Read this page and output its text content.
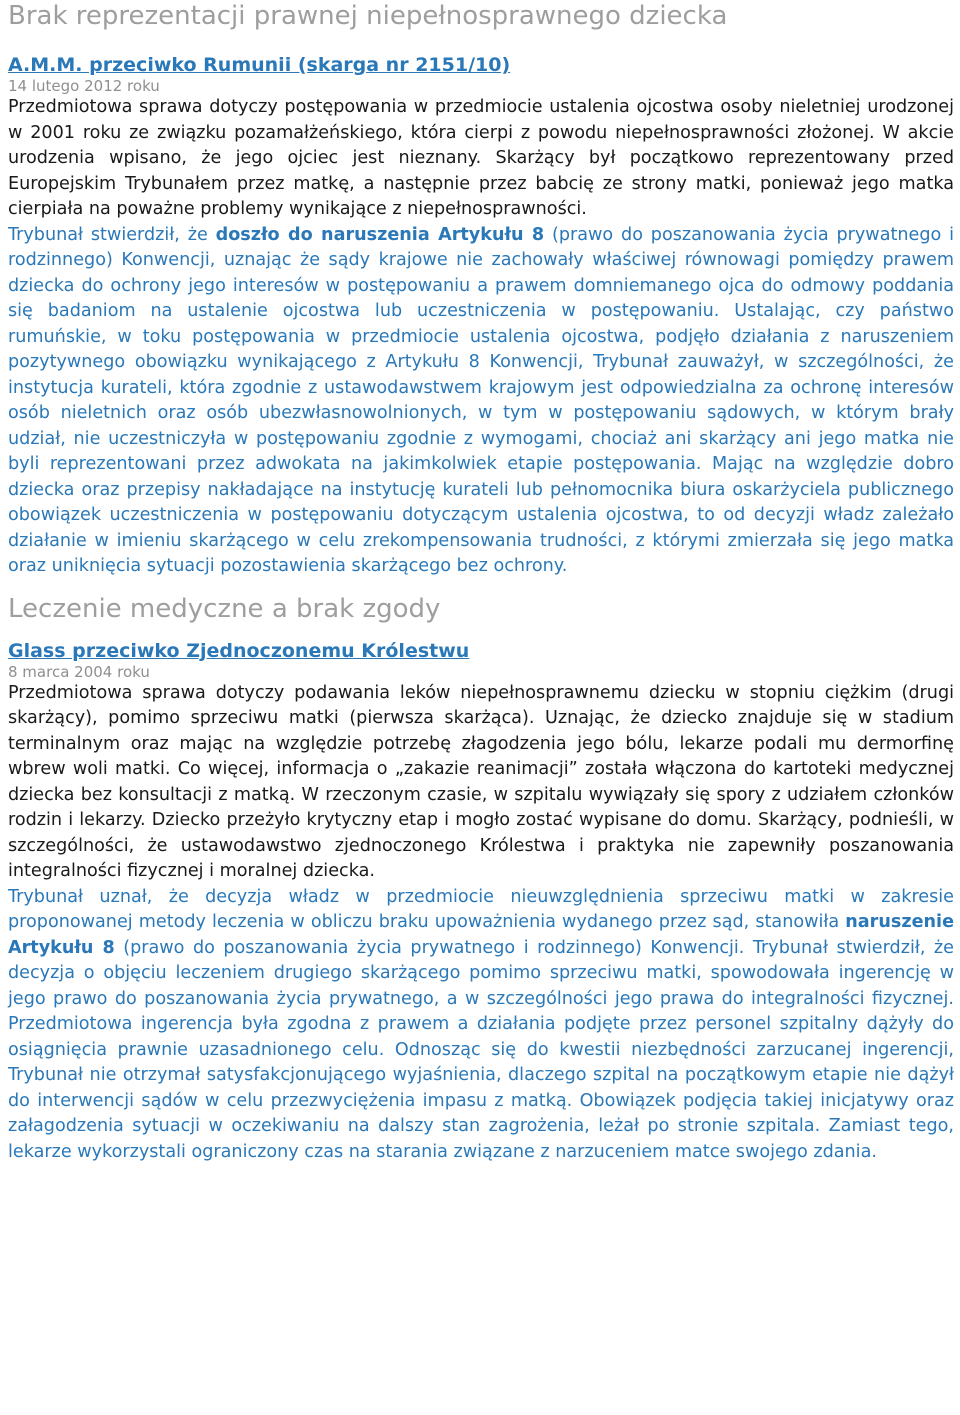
Brak reprezentacji prawnej niepełnosprawnego dziecka
A.M.M. przeciwko Rumunii (skarga nr 2151/10)
14 lutego 2012 roku

Przedmiotowa sprawa dotyczy postępowania w przedmiocie ustalenia ojcostwa osoby nieletniej urodzonej w 2001 roku ze związku pozamałżeńskiego, która cierpi z powodu niepełnosprawności złożonej. W akcie urodzenia wpisano, że jego ojciec jest nieznany. Skarżący był początkowo reprezentowany przed Europejskim Trybunałem przez matkę, a następnie przez babcię ze strony matki, ponieważ jego matka cierpiała na poważne problemy wynikające z niepełnosprawności.

Trybunał stwierdził, że doszło do naruszenia Artykułu 8 (prawo do poszanowania życia prywatnego i rodzinnego) Konwencji, uznając że sądy krajowe nie zachowały właściwej równowagi pomiędzy prawem dziecka do ochrony jego interesów w postępowaniu a prawem domniemanego ojca do odmowy poddania się badaniom na ustalenie ojcostwa lub uczestniczenia w postępowaniu. Ustalając, czy państwo rumuńskie, w toku postępowania w przedmiocie ustalenia ojcostwa, podjęło działania z naruszeniem pozytywnego obowiązku wynikającego z Artykułu 8 Konwencji, Trybunał zauważył, w szczególności, że instytucja kurateli, która zgodnie z ustawodawstwem krajowym jest odpowiedzialna za ochronę interesów osób nieletnich oraz osób ubezwłasnowolnionych, w tym w postępowaniu sądowych, w którym brały udział, nie uczestniczyła w postępowaniu zgodnie z wymogami, chociaż ani skarżący ani jego matka nie byli reprezentowani przez adwokata na jakimkolwiek etapie postępowania. Mając na względzie dobro dziecka oraz przepisy nakładające na instytucję kurateli lub pełnomocnika biura oskarżyciela publicznego obowiązek uczestniczenia w postępowaniu dotyczącym ustalenia ojcostwa, to od decyzji władz zależało działanie w imieniu skarżącego w celu zrekompensowania trudności, z którymi zmierzała się jego matka oraz uniknięcia sytuacji pozostawienia skarżącego bez ochrony.

Leczenie medyczne a brak zgody
Glass przeciwko Zjednoczonemu Królestwu
8 marca 2004 roku

Przedmiotowa sprawa dotyczy podawania leków niepełnosprawnemu dziecku w stopniu ciężkim (drugi skarżący), pomimo sprzeciwu matki (pierwsza skarżąca). Uznając, że dziecko znajduje się w stadium terminalnym oraz mając na względzie potrzebę złagodzenia jego bólu, lekarze podali mu dermorfinę wbrew woli matki. Co więcej, informacja o „zakazie reanimacji” została włączona do kartoteki medycznej dziecka bez konsultacji z matką. W rzeczonym czasie, w szpitalu wywiązały się spory z udziałem członków rodzin i lekarzy. Dziecko przeżyło krytyczny etap i mogło zostać wypisane do domu. Skarżący, podnieśli, w szczególności, że ustawodawstwo zjednoczonego Królestwa i praktyka nie zapewniły poszanowania integralności fizycznej i moralnej dziecka.

Trybunał uznał, że decyzja władz w przedmiocie nieuwzględnienia sprzeciwu matki w zakresie proponowanej metody leczenia w obliczu braku upoważnienia wydanego przez sąd, stanowiła naruszenie Artykułu 8 (prawo do poszanowania życia prywatnego i rodzinnego) Konwencji. Trybunał stwierdził, że decyzja o objęciu leczeniem drugiego skarżącego pomimo sprzeciwu matki, spowodowała ingerencję w jego prawo do poszanowania życia prywatnego, a w szczególności jego prawa do integralności fizycznej. Przedmiotowa ingerencja była zgodna z prawem a działania podjęte przez personel szpitalny dążyły do osiągnięcia prawnie uzasadnionego celu. Odnosząc się do kwestii niezbędności zarzucanej ingerencji, Trybunał nie otrzymał satysfakcjonującego wyjaśnienia, dlaczego szpital na początkowym etapie nie dążył do interwencji sądów w celu przezwyciężenia impasu z matką. Obowiązek podjęcia takiej inicjatywy oraz załagodzenia sytuacji w oczekiwaniu na dalszy stan zagrożenia, leżał po stronie szpitala. Zamiast tego, lekarze wykorzystali ograniczony czas na starania związane z narzuceniem matce swojego zdania.
